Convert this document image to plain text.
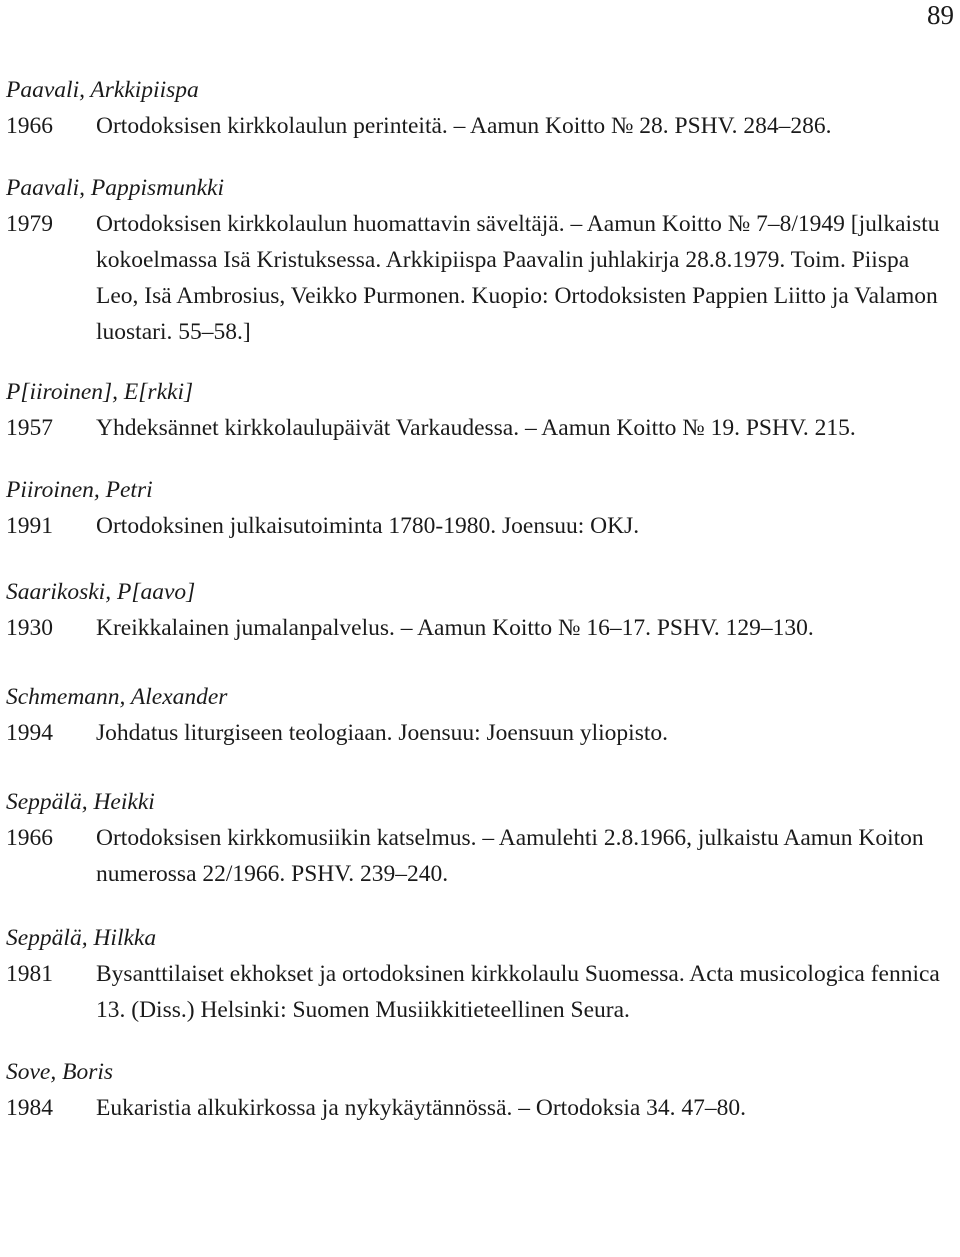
89
Paavali, Arkkipiispa
1966	Ortodoksisen kirkkolaulun perinteitä. – Aamun Koitto № 28. PSHV. 284–286.
Paavali, Pappismunkki
1979	Ortodoksisen kirkkolaulun huomattavin säveltäjä. – Aamun Koitto № 7–8/1949 [julkaistu kokoelmassa Isä Kristuksessa. Arkkipiispa Paavalin juhlakirja 28.8.1979. Toim. Piispa Leo, Isä Ambrosius, Veikko Purmonen. Kuopio: Ortodoksisten Pappien Liitto ja Valamon luostari. 55–58.]
P[iiroinen], E[rkki]
1957	Yhdeksännet kirkkolaulupäivät Varkaudessa. – Aamun Koitto № 19. PSHV. 215.
Piiroinen, Petri
1991	Ortodoksinen julkaisutoiminta 1780-1980. Joensuu: OKJ.
Saarikoski, P[aavo]
1930	Kreikkalainen jumalanpalvelus. – Aamun Koitto № 16–17. PSHV. 129–130.
Schmemann, Alexander
1994	Johdatus liturgiseen teologiaan. Joensuu: Joensuun yliopisto.
Seppälä, Heikki
1966	Ortodoksisen kirkkomusiikin katselmus. – Aamulehti 2.8.1966, julkaistu Aamun Koiton numerossa 22/1966. PSHV. 239–240.
Seppälä, Hilkka
1981	Bysanttilaiset ekhokset ja ortodoksinen kirkkolaulu Suomessa. Acta musicologica fennica 13. (Diss.) Helsinki: Suomen Musiikkitieteellinen Seura.
Sove, Boris
1984	Eukaristia alkukirkossa ja nykykäytännössä. – Ortodoksia 34. 47–80.
